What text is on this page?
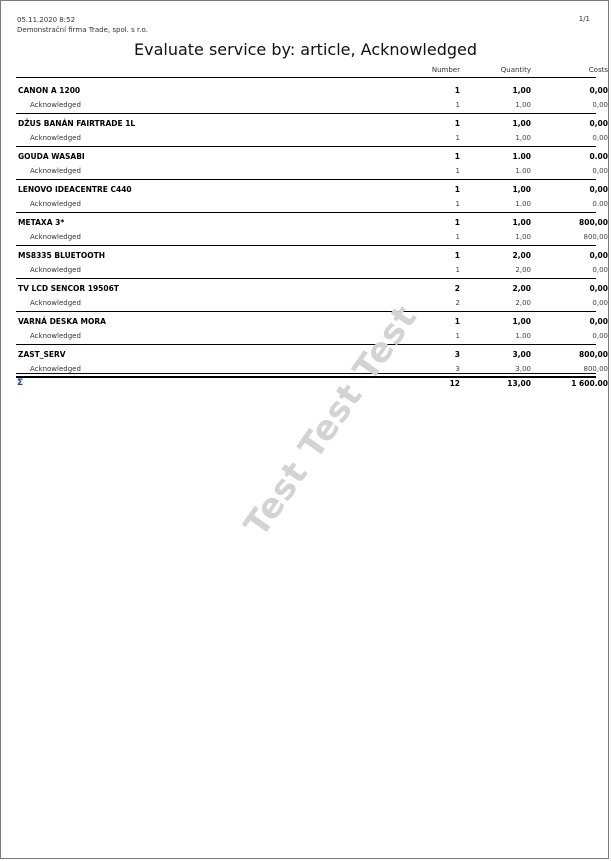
05.11.2020 8:52
Demonstrační firma Trade, spol. s r.o.
1/1
Evaluate service by: article, Acknowledged
Number	Quantity	Costs
CANON A 1200	1	1,00	0,00
Acknowledged	1	1,00	0,00
DŽUS BANÁN FAIRTRADE 1L	1	1,00	0,00
Acknowledged	1	1,00	0,00
GOUDA WASABI	1	1.00	0.00
Acknowledged	1	1.00	0,00
LENOVO IDEACENTRE C440	1	1,00	0,00
Acknowledged	1	1.00	0.00
METAXA 3*	1	1,00	800,00
Acknowledged	1	1,00	800,00
MS8335 BLUETOOTH	1	2,00	0,00
Acknowledged	1	2,00	0,00
TV LCD SENCOR 19506T	2	2,00	0,00
Acknowledged	2	2,00	0,00
VARNÁ DESKA MORA	1	1,00	0,00
Acknowledged	1	1.00	0,00
ZAST_SERV	3	3,00	800,00
Acknowledged	3	3,00	800,00
Σ	12	13,00	1 600.00
Test Test Test
